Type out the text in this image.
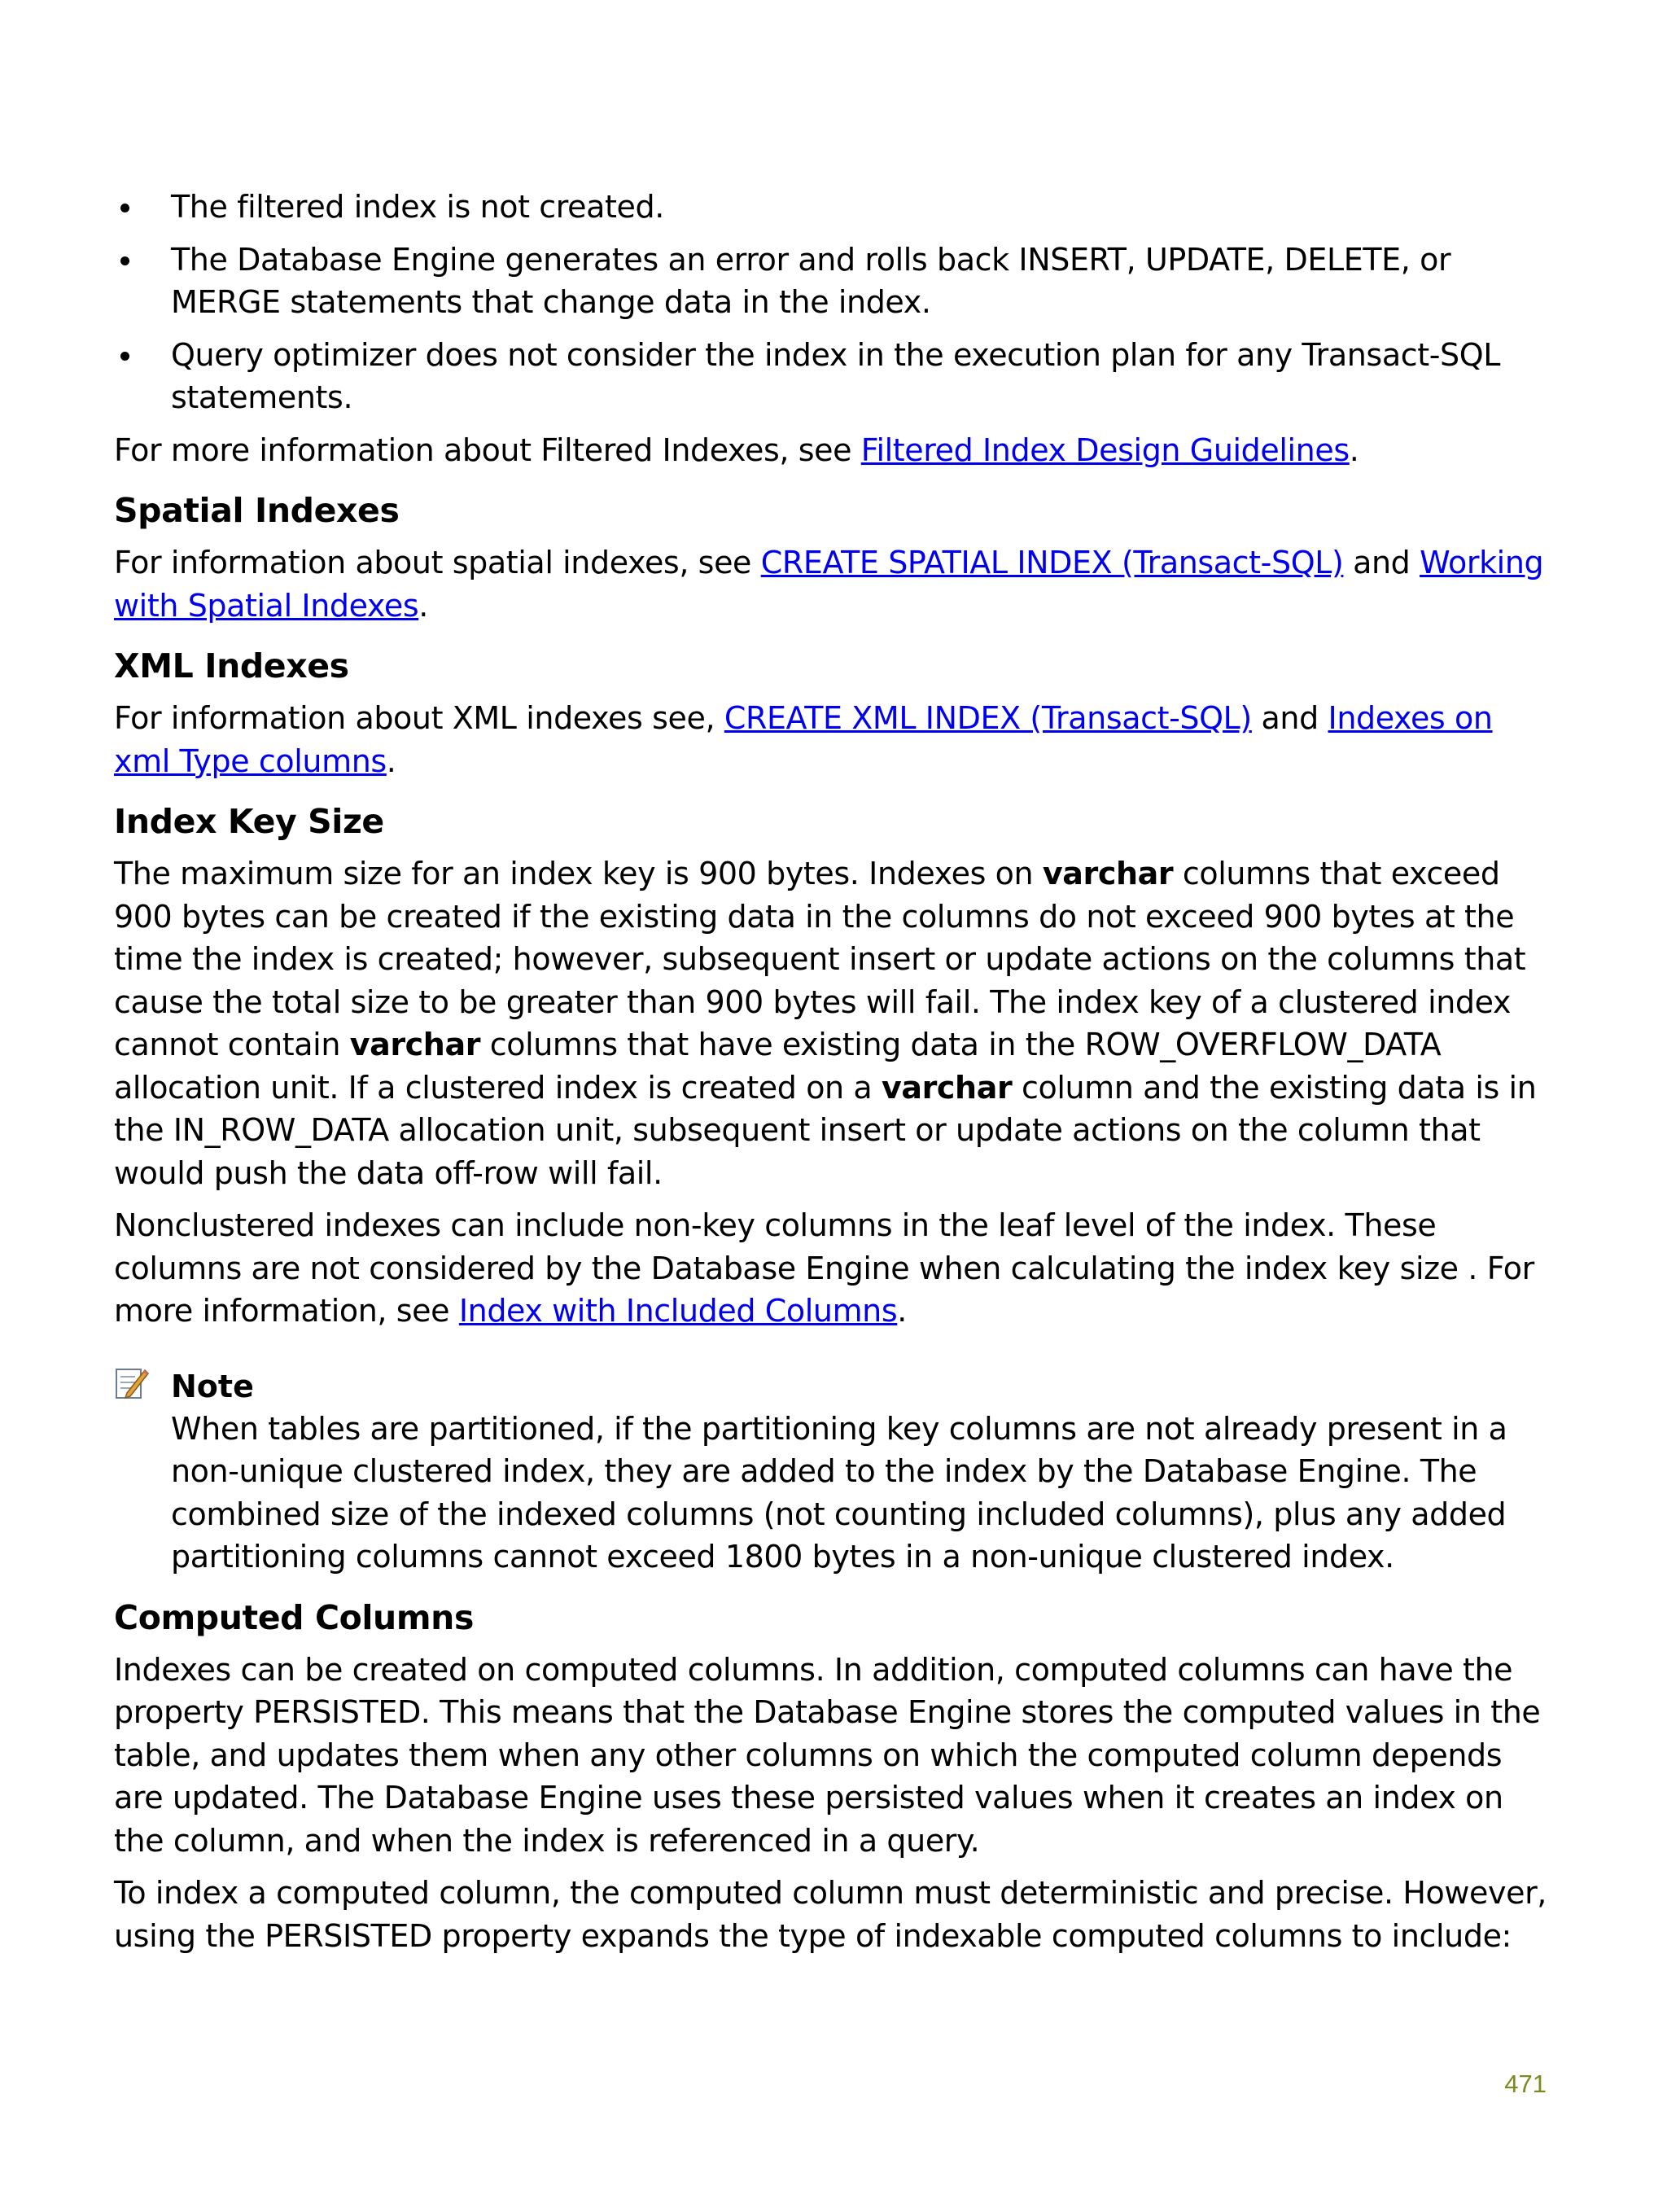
The filtered index is not created.
The Database Engine generates an error and rolls back INSERT, UPDATE, DELETE, or MERGE statements that change data in the index.
Query optimizer does not consider the index in the execution plan for any Transact-SQL statements.

For more information about Filtered Indexes, see Filtered Index Design Guidelines.

Spatial Indexes

For information about spatial indexes, see CREATE SPATIAL INDEX (Transact-SQL) and Working with Spatial Indexes.

XML Indexes

For information about XML indexes see, CREATE XML INDEX (Transact-SQL) and Indexes on xml Type columns.

Index Key Size

The maximum size for an index key is 900 bytes. Indexes on varchar columns that exceed 900 bytes can be created if the existing data in the columns do not exceed 900 bytes at the time the index is created; however, subsequent insert or update actions on the columns that cause the total size to be greater than 900 bytes will fail. The index key of a clustered index cannot contain varchar columns that have existing data in the ROW_OVERFLOW_DATA allocation unit. If a clustered index is created on a varchar column and the existing data is in the IN_ROW_DATA allocation unit, subsequent insert or update actions on the column that would push the data off-row will fail.

Nonclustered indexes can include non-key columns in the leaf level of the index. These columns are not considered by the Database Engine when calculating the index key size . For more information, see Index with Included Columns.

Note
When tables are partitioned, if the partitioning key columns are not already present in a non-unique clustered index, they are added to the index by the Database Engine. The combined size of the indexed columns (not counting included columns), plus any added partitioning columns cannot exceed 1800 bytes in a non-unique clustered index.
Computed Columns

Indexes can be created on computed columns. In addition, computed columns can have the property PERSISTED. This means that the Database Engine stores the computed values in the table, and updates them when any other columns on which the computed column depends are updated. The Database Engine uses these persisted values when it creates an index on the column, and when the index is referenced in a query.

To index a computed column, the computed column must deterministic and precise. However, using the PERSISTED property expands the type of indexable computed columns to include:

471
